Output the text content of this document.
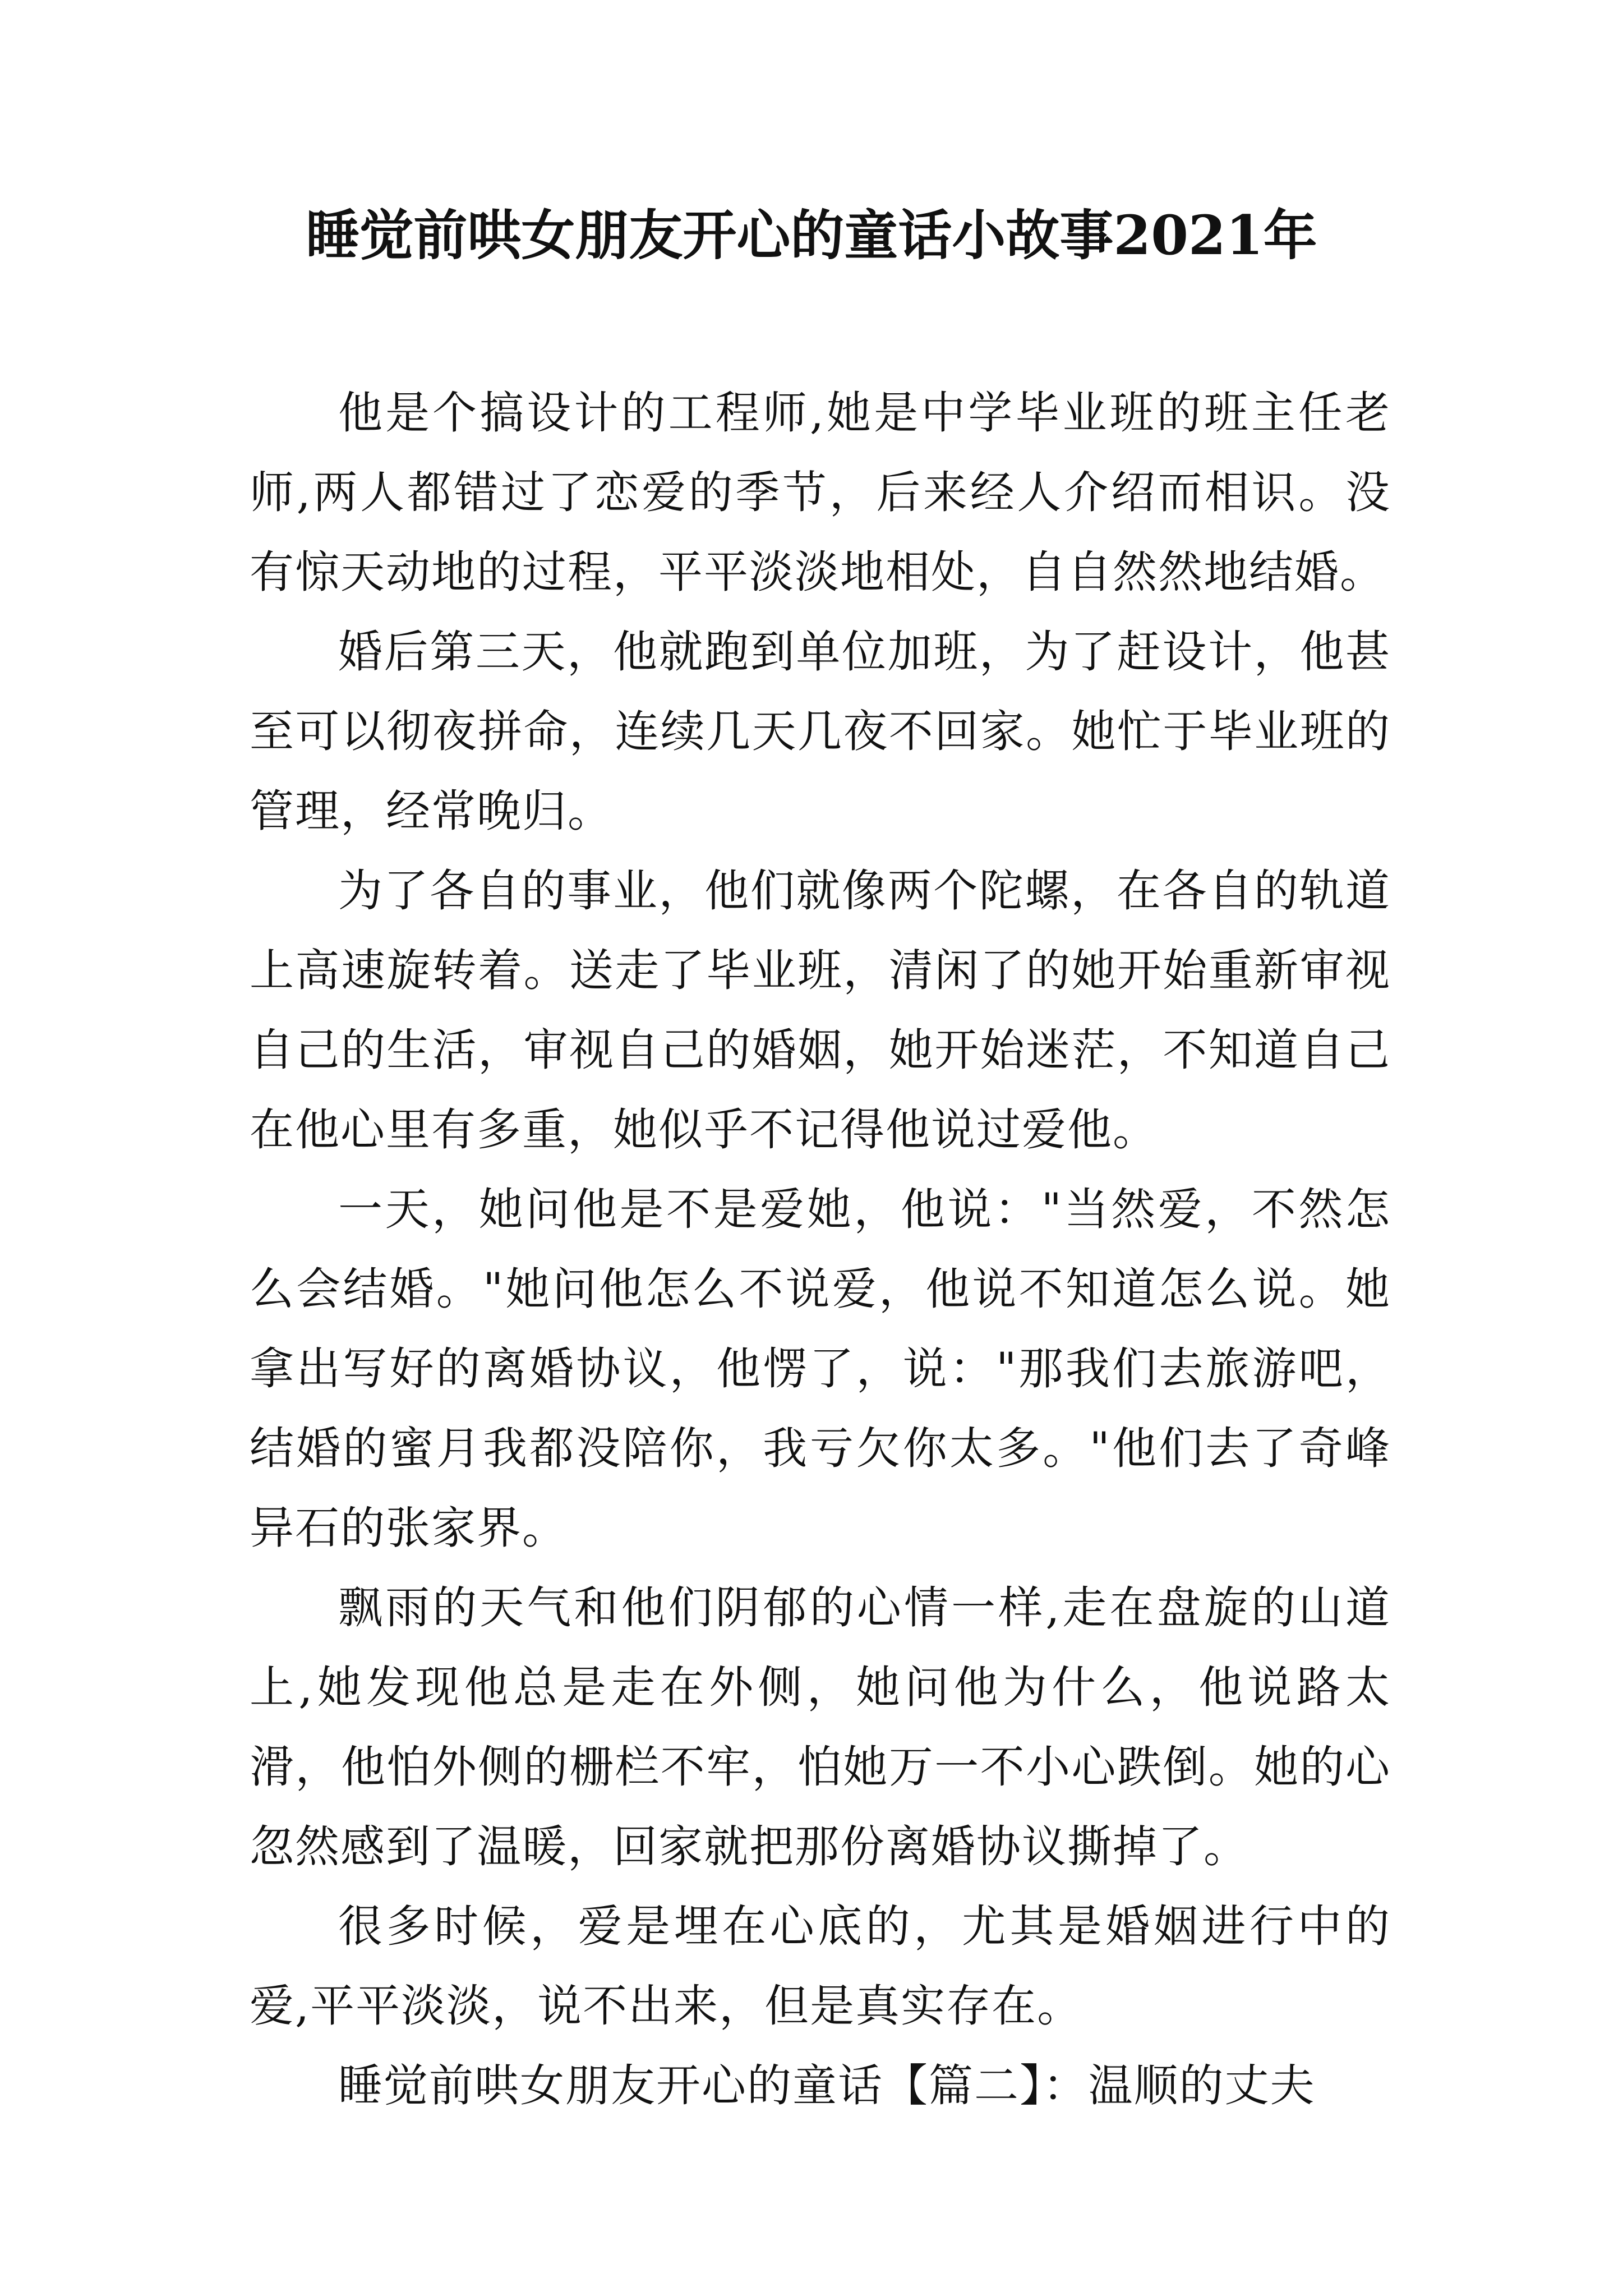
睡觉前哄女朋友开心的童话小故事2021年

他是个搞设计的工程师,她是中学毕业班的班主任老师,两人都错过了恋爱的季节，后来经人介绍而相识。没有惊天动地的过程，平平淡淡地相处，自自然然地结婚。

婚后第三天，他就跑到单位加班，为了赶设计，他甚至可以彻夜拼命，连续几天几夜不回家。她忙于毕业班的管理，经常晚归。

为了各自的事业，他们就像两个陀螺，在各自的轨道上高速旋转着。送走了毕业班，清闲了的她开始重新审视自己的生活，审视自己的婚姻，她开始迷茫，不知道自己在他心里有多重，她似乎不记得他说过爱他。

一天，她问他是不是爱她，他说："当然爱，不然怎么会结婚。"她问他怎么不说爱，他说不知道怎么说。她拿出写好的离婚协议，他愣了，说："那我们去旅游吧，结婚的蜜月我都没陪你，我亏欠你太多。"他们去了奇峰异石的张家界。

飘雨的天气和他们阴郁的心情一样,走在盘旋的山道上,她发现他总是走在外侧，她问他为什么，他说路太滑，他怕外侧的栅栏不牢，怕她万一不小心跌倒。她的心忽然感到了温暖，回家就把那份离婚协议撕掉了。

很多时候，爱是埋在心底的，尤其是婚姻进行中的爱,平平淡淡，说不出来，但是真实存在。

睡觉前哄女朋友开心的童话【篇二】：温顺的丈夫
